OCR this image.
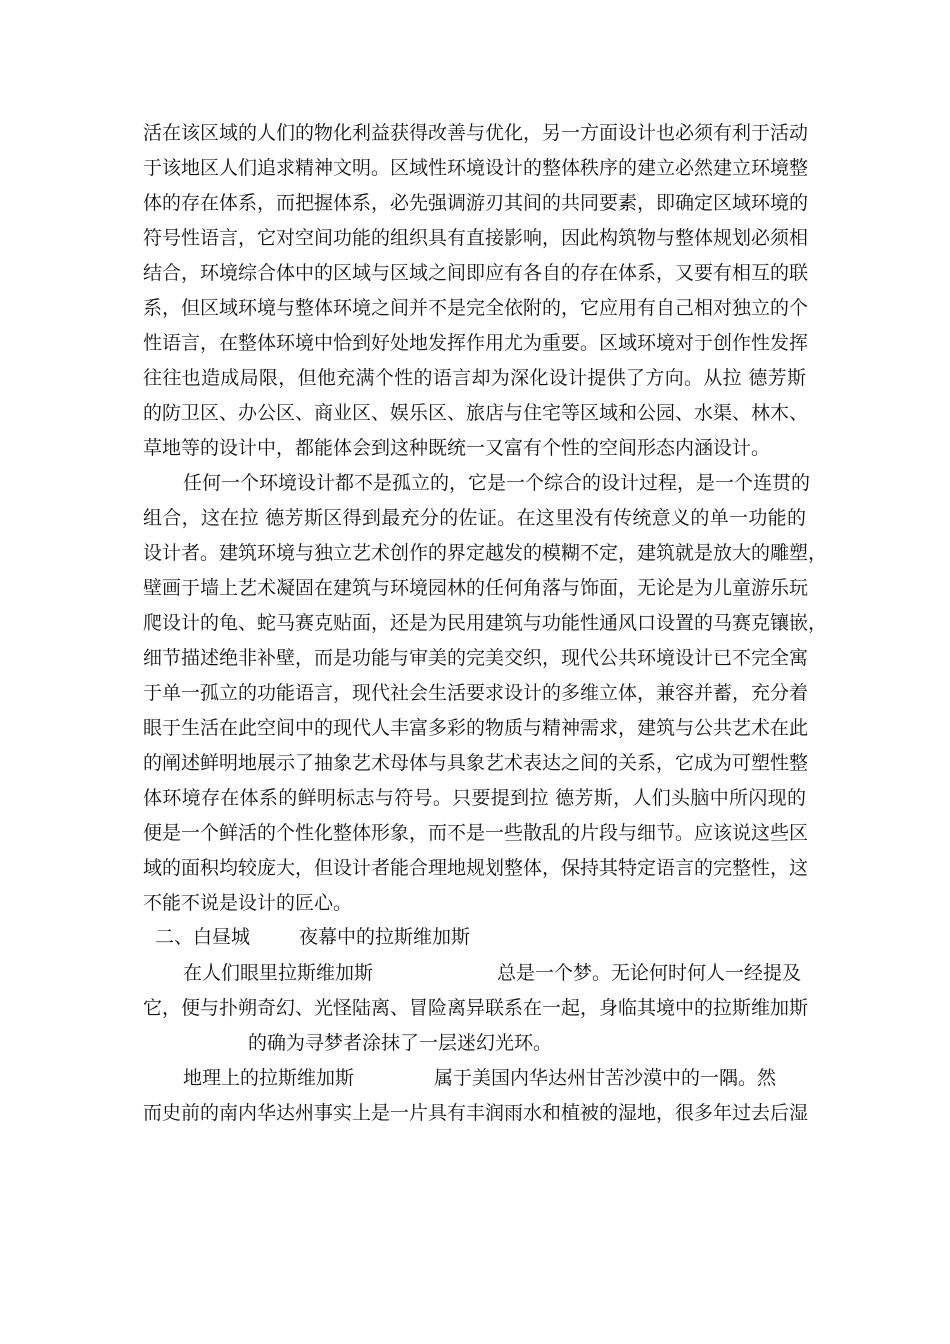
活在该区域的人们的物化利益获得改善与优化，另一方面设计也必须有利于活动
于该地区人们追求精神文明。区域性环境设计的整体秩序的建立必然建立环境整
体的存在体系，而把握体系，必先强调游刃其间的共同要素，即确定区域环境的
符号性语言，它对空间功能的组织具有直接影响，因此构筑物与整体规划必须相
结合，环境综合体中的区域与区域之间即应有各自的存在体系，又要有相互的联
系，但区域环境与整体环境之间并不是完全依附的，它应用有自己相对独立的个
性语言，在整体环境中恰到好处地发挥作用尤为重要。区域环境对于创作性发挥
往往也造成局限，但他充满个性的语言却为深化设计提供了方向。从拉 德芳斯
的防卫区、办公区、商业区、娱乐区、旅店与住宅等区域和公园、水渠、林木、
草地等的设计中，都能体会到这种既统一又富有个性的空间形态内涵设计。
任何一个环境设计都不是孤立的，它是一个综合的设计过程，是一个连贯的
组合，这在拉 德芳斯区得到最充分的佐证。在这里没有传统意义的单一功能的
设计者。建筑环境与独立艺术创作的界定越发的模糊不定，建筑就是放大的雕塑，
壁画于墙上艺术凝固在建筑与环境园林的任何角落与饰面，无论是为儿童游乐玩
爬设计的龟、蛇马赛克贴面，还是为民用建筑与功能性通风口设置的马赛克镶嵌，
细节描述绝非补壁，而是功能与审美的完美交织，现代公共环境设计已不完全寓
于单一孤立的功能语言，现代社会生活要求设计的多维立体，兼容并蓄，充分着
眼于生活在此空间中的现代人丰富多彩的物质与精神需求，建筑与公共艺术在此
的阐述鲜明地展示了抽象艺术母体与具象艺术表达之间的关系，它成为可塑性整
体环境存在体系的鲜明标志与符号。只要提到拉 德芳斯，人们头脑中所闪现的
便是一个鲜活的个性化整体形象，而不是一些散乱的片段与细节。应该说这些区
域的面积均较庞大，但设计者能合理地规划整体，保持其特定语言的完整性，这
不能不说是设计的匠心。
二、白昼城	夜幕中的拉斯维加斯
在人们眼里拉斯维加斯	总是一个梦。无论何时何人一经提及
它，便与扑朔奇幻、光怪陆离、冒险离异联系在一起，身临其境中的拉斯维加斯
的确为寻梦者涂抹了一层迷幻光环。
地理上的拉斯维加斯	属于美国内华达州甘苦沙漠中的一隅。然
而史前的南内华达州事实上是一片具有丰润雨水和植被的湿地，很多年过去后湿
